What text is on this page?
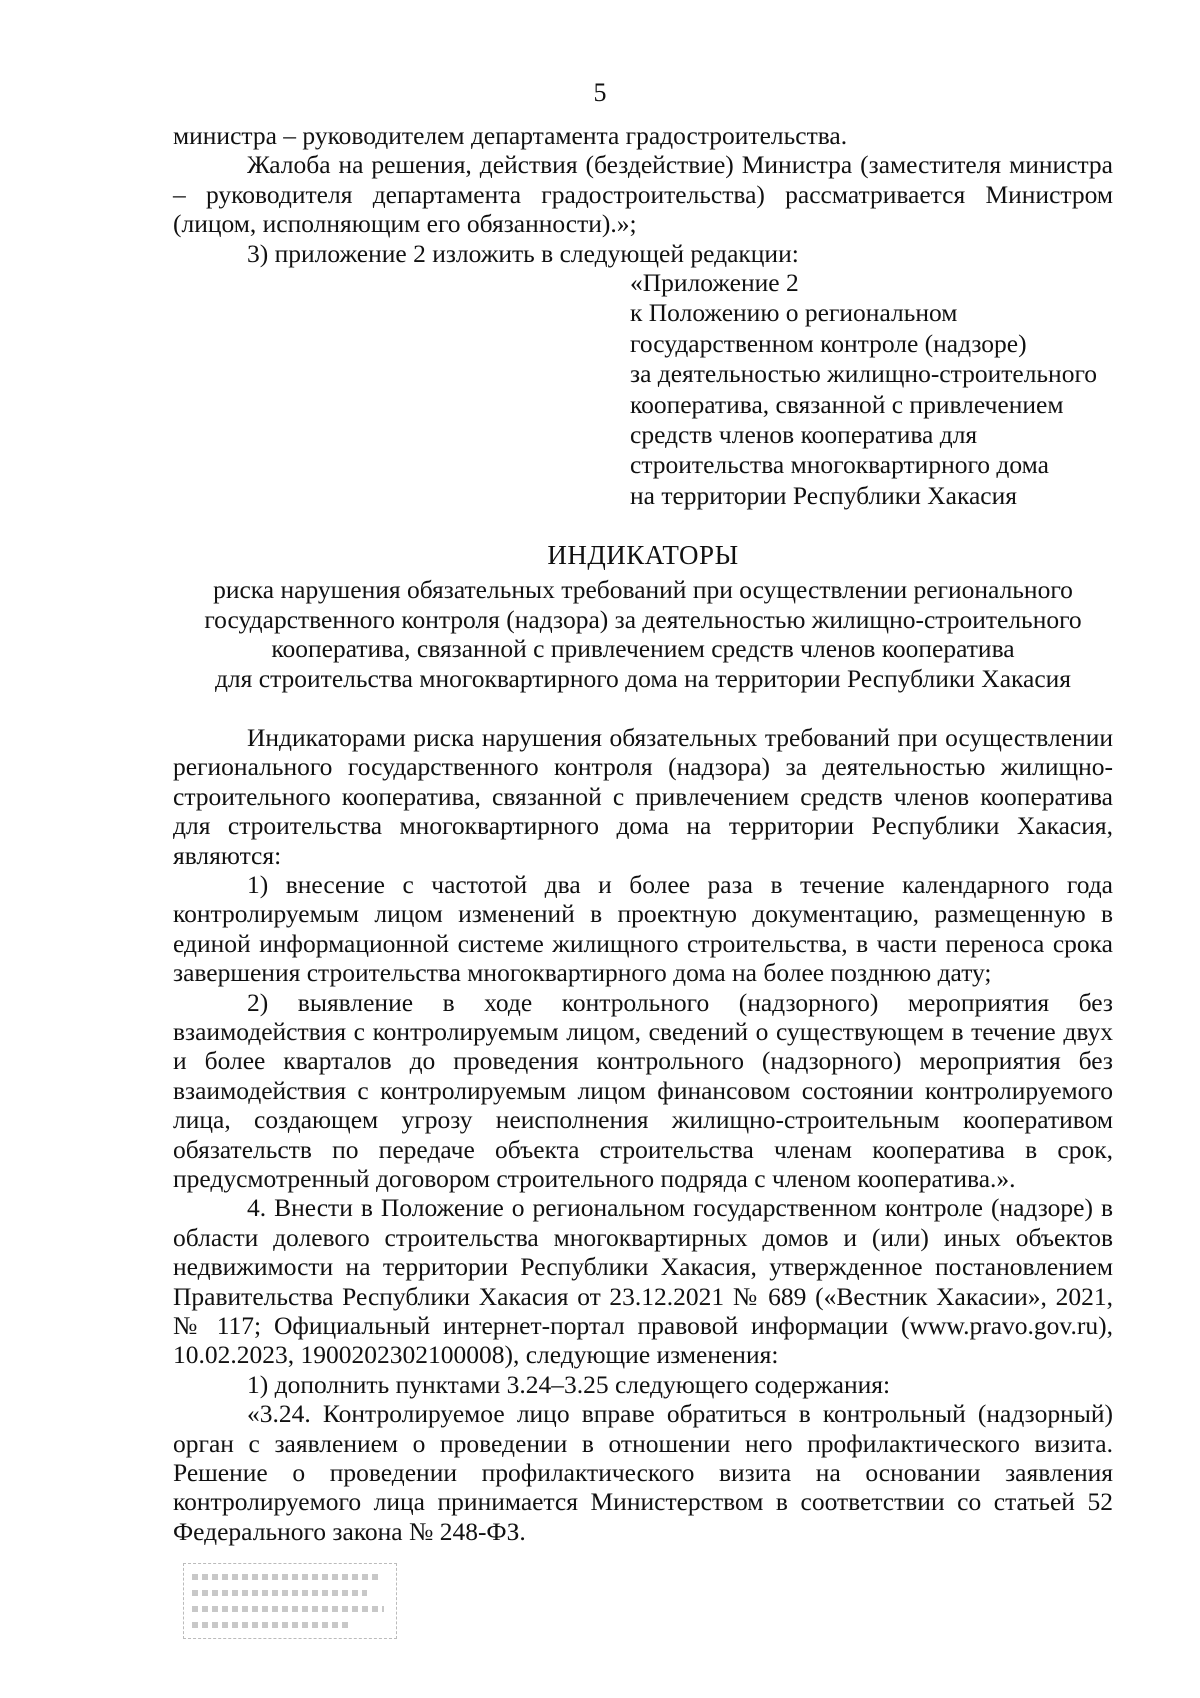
5

министра – руководителем департамента градостроительства.

Жалоба на решения, действия (бездействие) Министра (заместителя министра – руководителя департамента градостроительства) рассматривается Министром (лицом, исполняющим его обязанности).»;

3) приложение 2 изложить в следующей редакции:

«Приложение 2
к Положению о региональном
государственном контроле (надзоре)
за деятельностью жилищно-строительного
кооператива, связанной с привлечением
средств членов кооператива для
строительства многоквартирного дома
на территории Республики Хакасия
ИНДИКАТОРЫ
риска нарушения обязательных требований при осуществлении регионального
государственного контроля (надзора) за деятельностью жилищно-строительного
кооператива, связанной с привлечением средств членов кооператива
для строительства многоквартирного дома на территории Республики Хакасия

Индикаторами риска нарушения обязательных требований при осуществлении регионального государственного контроля (надзора) за деятельностью жилищно-строительного кооператива, связанной с привлечением средств членов кооператива для строительства многоквартирного дома на территории Республики Хакасия, являются:

1) внесение с частотой два и более раза в течение календарного года контролируемым лицом изменений в проектную документацию, размещенную в единой информационной системе жилищного строительства, в части переноса срока завершения строительства многоквартирного дома на более позднюю дату;

2) выявление в ходе контрольного (надзорного) мероприятия без взаимодействия с контролируемым лицом, сведений о существующем в течение двух и более кварталов до проведения контрольного (надзорного) мероприятия без взаимодействия с контролируемым лицом финансовом состоянии контролируемого лица, создающем угрозу неисполнения жилищно-строительным кооперативом обязательств по передаче объекта строительства членам кооператива в срок, предусмотренный договором строительного подряда с членом кооператива.».

4. Внести в Положение о региональном государственном контроле (надзоре) в области долевого строительства многоквартирных домов и (или) иных объектов недвижимости на территории Республики Хакасия, утвержденное постановлением Правительства Республики Хакасия от 23.12.2021 № 689 («Вестник Хакасии», 2021, № 117; Официальный интернет-портал правовой информации (www.pravo.gov.ru), 10.02.2023, 1900202302100008), следующие изменения:

1) дополнить пунктами 3.24–3.25 следующего содержания:

«3.24. Контролируемое лицо вправе обратиться в контрольный (надзорный) орган с заявлением о проведении в отношении него профилактического визита. Решение о проведении профилактического визита на основании заявления контролируемого лица принимается Министерством в соответствии со статьей 52 Федерального закона № 248-ФЗ.
